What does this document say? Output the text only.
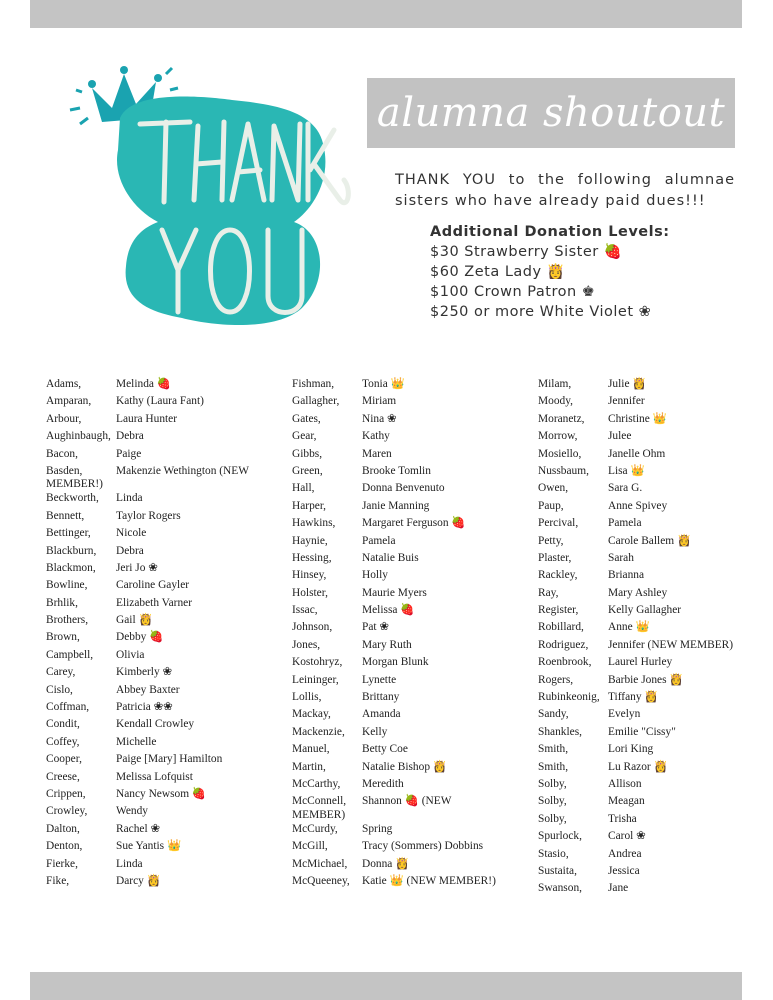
alumna shoutout
THANK YOU to the following alumnae
sisters who have already paid dues!!!
Additional Donation Levels:
$30 Strawberry Sister 🍓
$60 Zeta Lady 👸
$100 Crown Patron ♚
$250 or more White Violet ❀
Adams,	Melinda 🍓
Amparan,	Kathy (Laura Fant)
Arbour,	Laura Hunter
Aughinbaugh, Debra
Bacon,	Paige
Basden,	Makenzie Wethington (NEW
MEMBER!)
Beckworth,	Linda
Bennett,	Taylor Rogers
Bettinger,	Nicole
Blackburn,	Debra
Blackmon,	Jeri Jo ❀
Bowline,	Caroline Gayler
Brhlik,	Elizabeth Varner
Brothers,	Gail 👸
Brown,	Debby 🍓
Campbell,	Olivia
Carey,	Kimberly ❀
Cislo,	Abbey Baxter
Coffman,	Patricia ❀❀
Condit,	Kendall Crowley
Coffey,	Michelle
Cooper,	Paige [Mary] Hamilton
Creese,	Melissa Lofquist
Crippen,	Nancy Newsom 🍓
Crowley,	Wendy
Dalton,	Rachel ❀
Denton,	Sue Yantis 👑
Fierke,	Linda
Fike,	Darcy 👸
Fishman,	Tonia 👑
Gallagher,	Miriam
Gates,	Nina ❀
Gear,	Kathy
Gibbs,	Maren
Green,	Brooke Tomlin
Hall,	Donna Benvenuto
Harper,	Janie Manning
Hawkins,	Margaret Ferguson 🍓
Haynie,	Pamela
Hessing,	Natalie Buis
Hinsey,	Holly
Holster,	Maurie Myers
Issac,	Melissa 🍓
Johnson,	Pat ❀
Jones,	Mary Ruth
Kostohryz,	Morgan Blunk
Leininger,	Lynette
Lollis,	Brittany
Mackay,	Amanda
Mackenzie,	Kelly
Manuel,	Betty Coe
Martin,	Natalie Bishop 👸
McCarthy,	Meredith
McConnell,	Shannon 🍓 (NEW
MEMBER)
McCurdy,	Spring
McGill,	Tracy (Sommers) Dobbins
McMichael,	Donna 👸
McQueeney,	Katie 👑 (NEW MEMBER!)
Milam,	Julie 👸
Moody,	Jennifer
Moranetz,	Christine 👑
Morrow,	Julee
Mosiello,	Janelle Ohm
Nussbaum,	Lisa 👑
Owen,	Sara G.
Paup,	Anne Spivey
Percival,	Pamela
Petty,	Carole Ballem 👸
Plaster,	Sarah
Rackley,	Brianna
Ray,	Mary Ashley
Register,	Kelly Gallagher
Robillard,	Anne 👑
Rodriguez,	Jennifer (NEW MEMBER)
Roenbrook,	Laurel Hurley
Rogers,	Barbie Jones 👸
Rubinkeonig, Tiffany 👸
Sandy,	Evelyn
Shankles,	Emilie "Cissy"
Smith,	Lori King
Smith,	Lu Razor 👸
Solby,	Allison
Solby,	Meagan
Solby,	Trisha
Spurlock,	Carol ❀
Stasio,	Andrea
Sustaita,	Jessica
Swanson,	Jane
